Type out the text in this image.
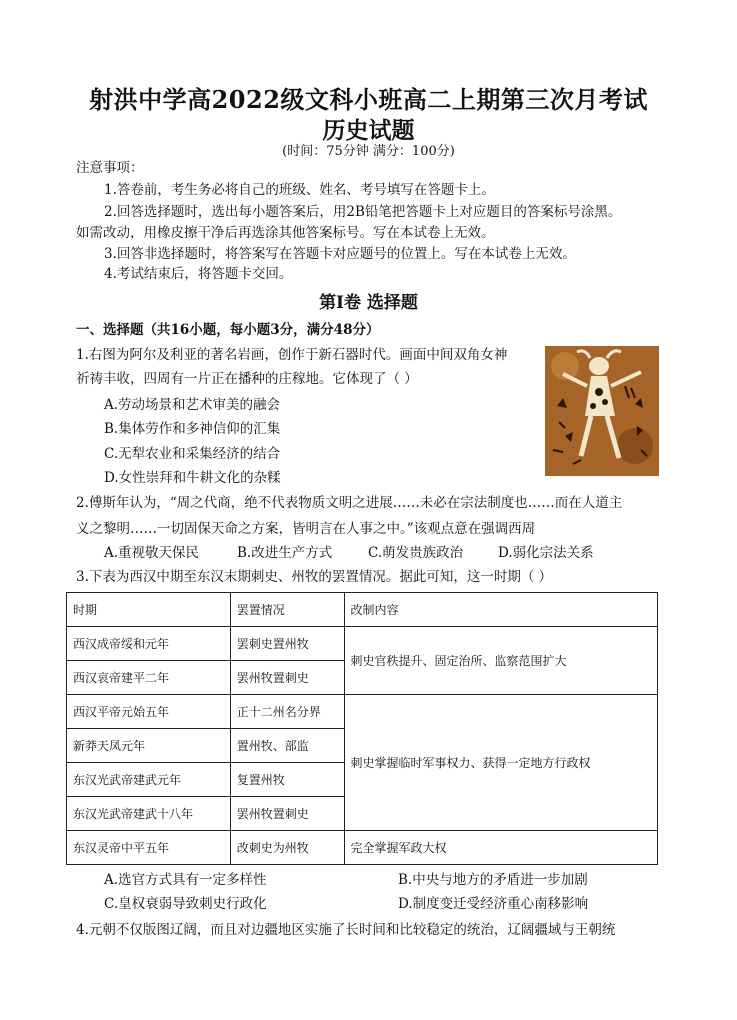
射洪中学高2022级文科小班高二上期第三次月考试
历史试题
(时间：75分钟 满分：100分)
注意事项：
1.答卷前，考生务必将自己的班级、姓名、考号填写在答题卡上。
2.回答选择题时，选出每小题答案后，用2B铅笔把答题卡上对应题目的答案标号涂黑。
如需改动，用橡皮擦干净后再选涂其他答案标号。写在本试卷上无效。
3.回答非选择题时，将答案写在答题卡对应题号的位置上。写在本试卷上无效。
4.考试结束后，将答题卡交回。
第Ⅰ卷 选择题
一、选择题（共16小题，每小题3分，满分48分）
1.右图为阿尔及利亚的著名岩画，创作于新石器时代。画面中间双角女神
祈祷丰收，四周有一片正在播种的庄稼地。它体现了（ ）
A.劳动场景和艺术审美的融会
B.集体劳作和多神信仰的汇集
C.无犁农业和采集经济的结合
D.女性崇拜和牛耕文化的杂糅
2.傅斯年认为，“周之代商，绝不代表物质文明之进展……未必在宗法制度也……而在人道主
义之黎明……一切固保天命之方案，皆明言在人事之中。”该观点意在强调西周
A.重视敬天保民	B.改进生产方式	C.萌发贵族政治	D.弱化宗法关系
3.下表为西汉中期至东汉末期刺史、州牧的罢置情况。据此可知，这一时期（ ）
时期	罢置情况	改制内容
西汉成帝绥和元年	罢刺史置州牧	刺史官秩提升、固定治所、监察范围扩大
西汉哀帝建平二年	罢州牧置刺史	
西汉平帝元始五年	正十二州名分界	刺史掌握临时军事权力、获得一定地方行政权
新莽天凤元年	置州牧、部监	
东汉光武帝建武元年	复置州牧	
东汉光武帝建武十八年	罢州牧置刺史	
东汉灵帝中平五年	改刺史为州牧	完全掌握军政大权
A.选官方式具有一定多样性	B.中央与地方的矛盾进一步加剧
C.皇权衰弱导致刺史行政化	D.制度变迁受经济重心南移影响
4.元朝不仅版图辽阔，而且对边疆地区实施了长时间和比较稳定的统治，辽阔疆域与王朝统
